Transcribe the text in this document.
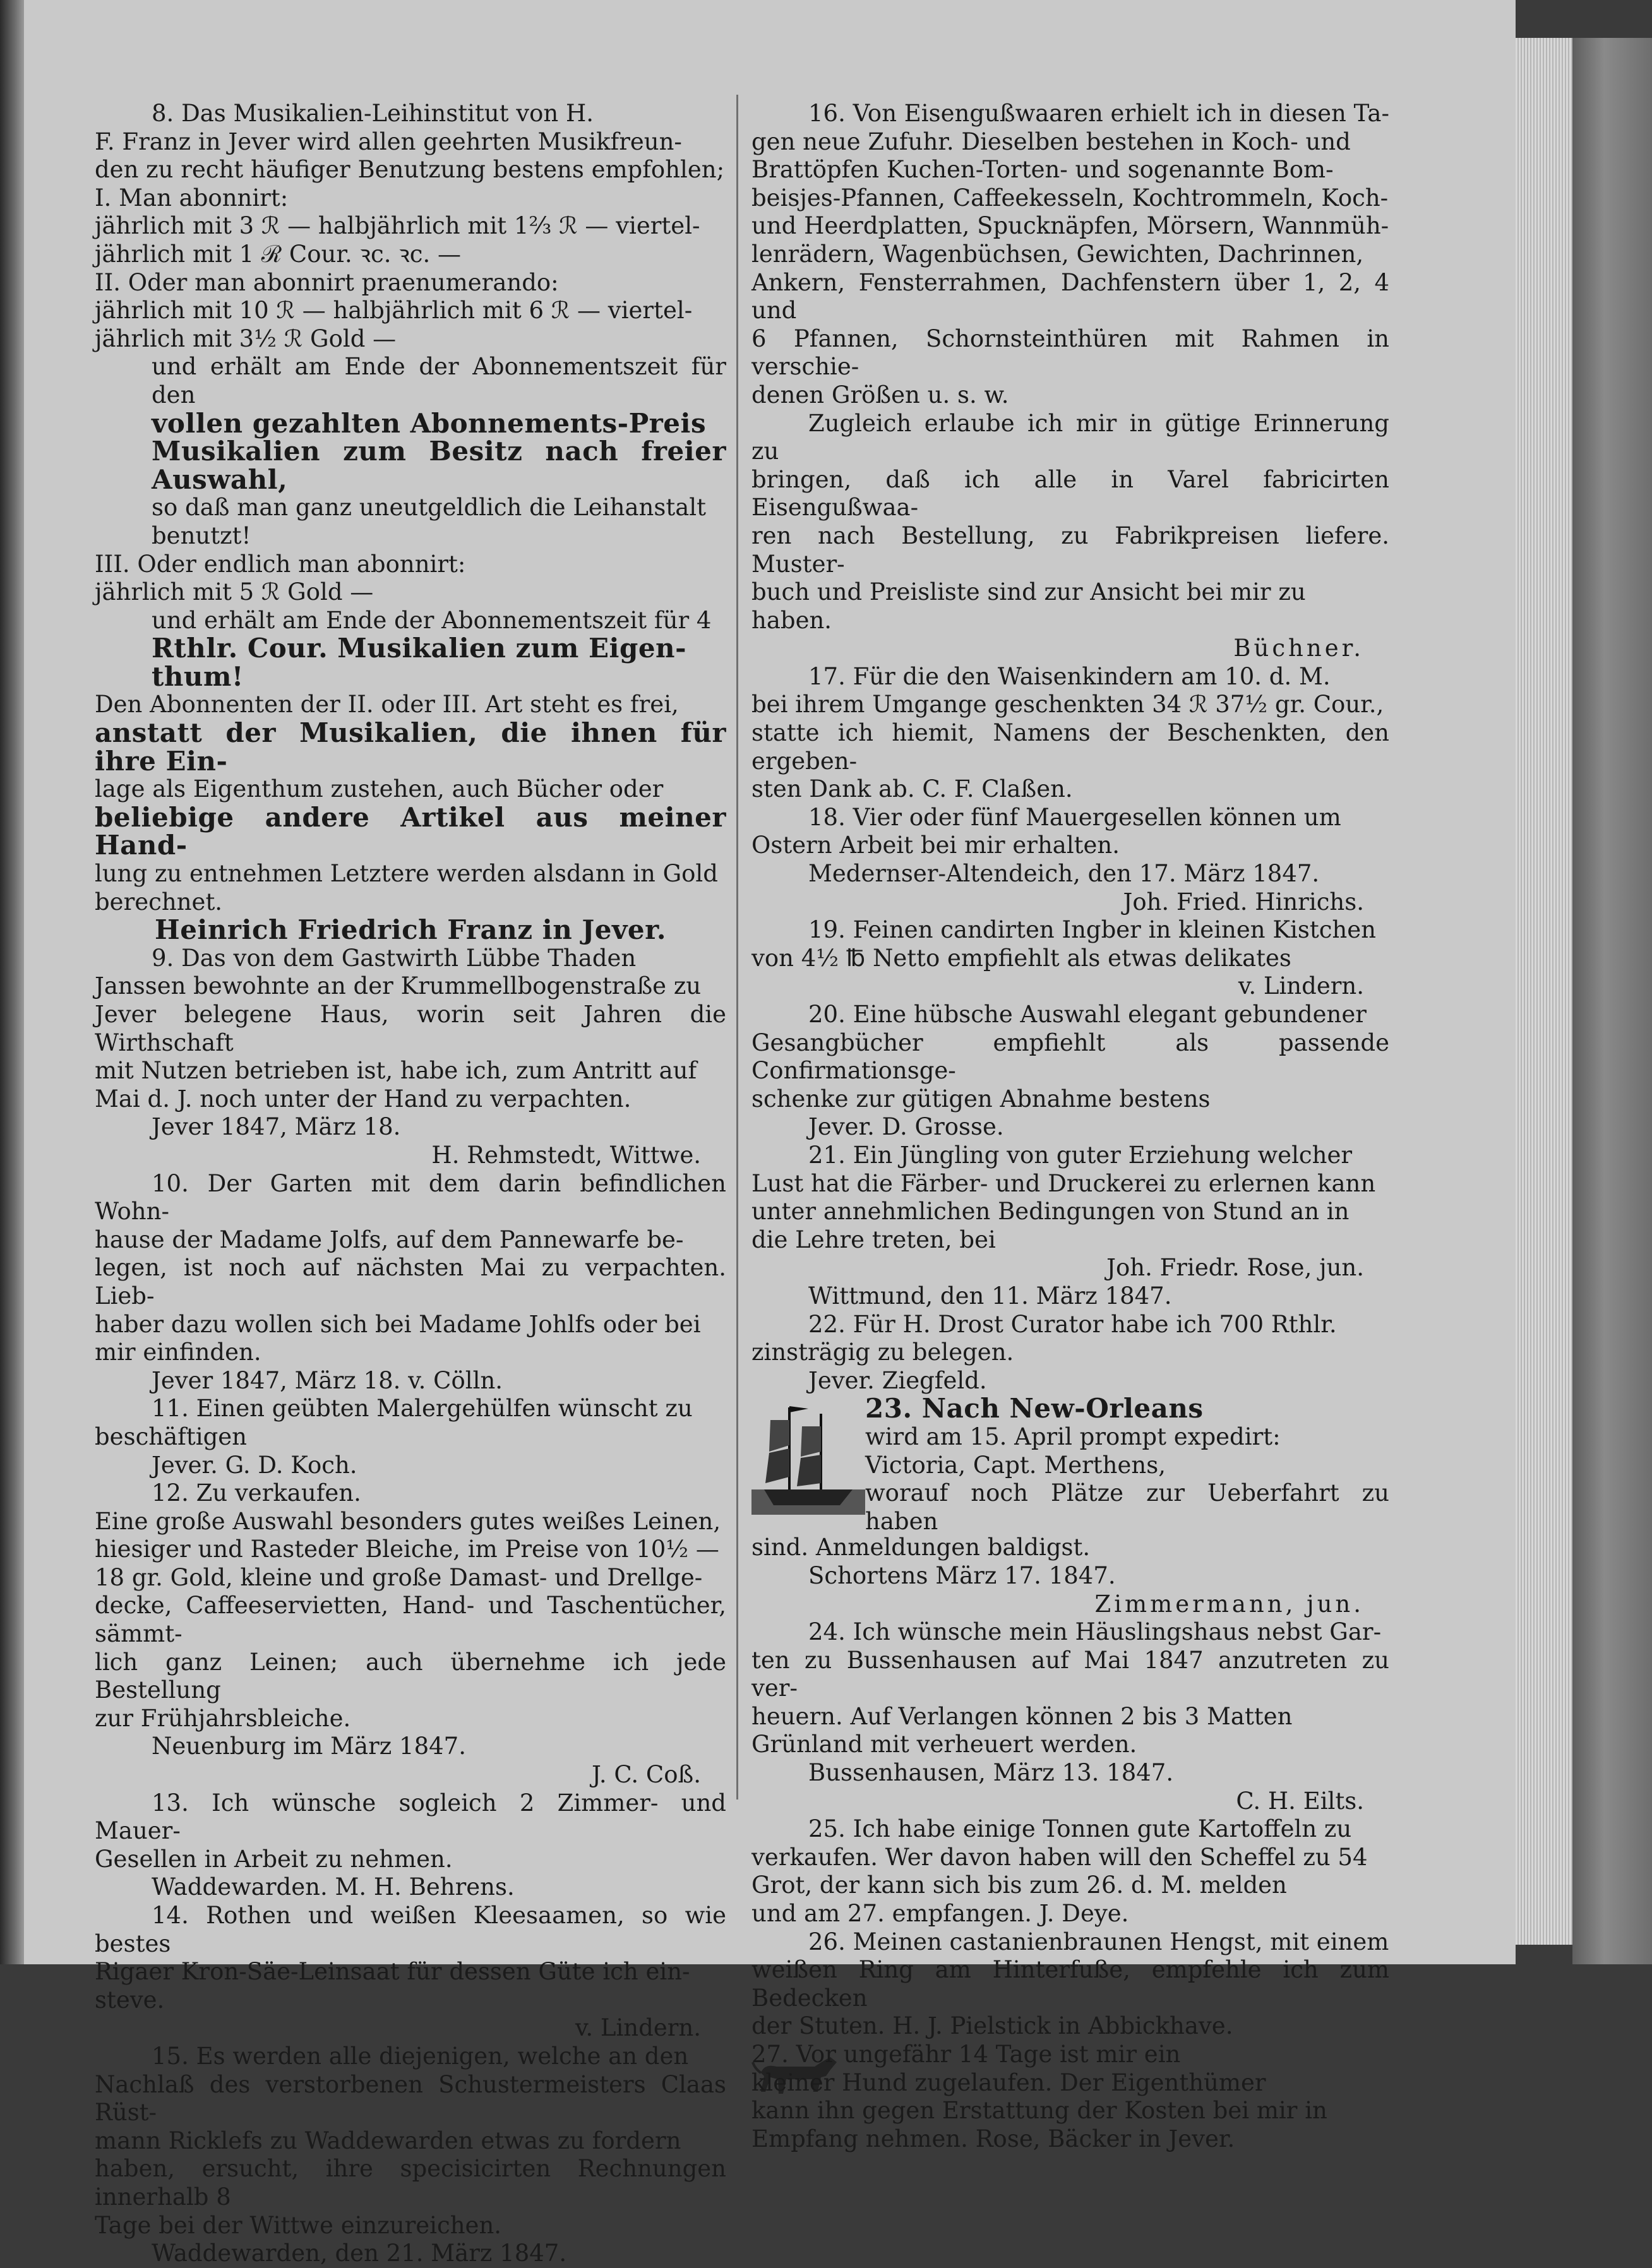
8. Das Musikalien-Leihinstitut von H.

F. Franz in Jever wird allen geehrten Musikfreun-

den zu recht häufiger Benutzung bestens empfohlen;

I. Man abonnirt:

jährlich mit 3 ℛ — halbjährlich mit 1⅔ ℛ — viertel-

jährlich mit 1 ℛ Cour. ꝛc. ꝛc. —

II. Oder man abonnirt praenumerando:

jährlich mit 10 ℛ — halbjährlich mit 6 ℛ — viertel-

jährlich mit 3½ ℛ Gold —

und erhält am Ende der Abonnementszeit für den

vollen gezahlten Abonnements-Preis

Musikalien zum Besitz nach freier Auswahl,

so daß man ganz uneutgeldlich die Leihanstalt

benutzt!

III. Oder endlich man abonnirt:

jährlich mit 5 ℛ Gold —

und erhält am Ende der Abonnementszeit für 4

Rthlr. Cour. Musikalien zum Eigen-

thum!

Den Abonnenten der II. oder III. Art steht es frei,

anstatt der Musikalien, die ihnen für ihre Ein-

lage als Eigenthum zustehen, auch Bücher oder

beliebige andere Artikel aus meiner Hand-

lung zu entnehmen Letztere werden alsdann in Gold

berechnet.

Heinrich Friedrich Franz in Jever.

9. Das von dem Gastwirth Lübbe Thaden

Janssen bewohnte an der Krummellbogenstraße zu

Jever belegene Haus, worin seit Jahren die Wirthschaft

mit Nutzen betrieben ist, habe ich, zum Antritt auf

Mai d. J. noch unter der Hand zu verpachten.

Jever 1847, März 18.

H. Rehmstedt, Wittwe.

10. Der Garten mit dem darin befindlichen Wohn-

hause der Madame Jolfs, auf dem Pannewarfe be-

legen, ist noch auf nächsten Mai zu verpachten. Lieb-

haber dazu wollen sich bei Madame Johlfs oder bei

mir einfinden.

Jever 1847, März 18. v. Cölln.

11. Einen geübten Malergehülfen wünscht zu

beschäftigen

Jever. G. D. Koch.

12. Zu verkaufen.

Eine große Auswahl besonders gutes weißes Leinen,

hiesiger und Rasteder Bleiche, im Preise von 10½ —

18 gr. Gold, kleine und große Damast- und Drellge-

decke, Caffeeservietten, Hand- und Taschentücher, sämmt-

lich ganz Leinen; auch übernehme ich jede Bestellung

zur Frühjahrsbleiche.

Neuenburg im März 1847.

J. C. Coß.

13. Ich wünsche sogleich 2 Zimmer- und Mauer-

Gesellen in Arbeit zu nehmen.

Waddewarden. M. H. Behrens.

14. Rothen und weißen Kleesaamen, so wie bestes

Rigaer Kron-Säe-Leinsaat für dessen Güte ich ein-

steve.

v. Lindern.

15. Es werden alle diejenigen, welche an den

Nachlaß des verstorbenen Schustermeisters Claas Rüst-

mann Ricklefs zu Waddewarden etwas zu fordern

haben, ersucht, ihre specisicirten Rechnungen innerhalb 8

Tage bei der Wittwe einzureichen.

Waddewarden, den 21. März 1847.

16. Von Eisengußwaaren erhielt ich in diesen Ta-

gen neue Zufuhr. Dieselben bestehen in Koch- und

Brattöpfen Kuchen-Torten- und sogenannte Bom-

beisjes-Pfannen, Caffeekesseln, Kochtrommeln, Koch-

und Heerdplatten, Spucknäpfen, Mörsern, Wannmüh-

lenrädern, Wagenbüchsen, Gewichten, Dachrinnen,

Ankern, Fensterrahmen, Dachfenstern über 1, 2, 4 und

6 Pfannen, Schornsteinthüren mit Rahmen in verschie-

denen Größen u. s. w.

Zugleich erlaube ich mir in gütige Erinnerung zu

bringen, daß ich alle in Varel fabricirten Eisengußwaa-

ren nach Bestellung, zu Fabrikpreisen liefere. Muster-

buch und Preisliste sind zur Ansicht bei mir zu

haben.

Büchner.

17. Für die den Waisenkindern am 10. d. M.

bei ihrem Umgange geschenkten 34 ℛ 37½ gr. Cour.,

statte ich hiemit, Namens der Beschenkten, den ergeben-

sten Dank ab. C. F. Claßen.

18. Vier oder fünf Mauergesellen können um

Ostern Arbeit bei mir erhalten.

Medernser-Altendeich, den 17. März 1847.

Joh. Fried. Hinrichs.

19. Feinen candirten Ingber in kleinen Kistchen

von 4½ ℔ Netto empfiehlt als etwas delikates

v. Lindern.

20. Eine hübsche Auswahl elegant gebundener

Gesangbücher empfiehlt als passende Confirmationsge-

schenke zur gütigen Abnahme bestens

Jever. D. Grosse.

21. Ein Jüngling von guter Erziehung welcher

Lust hat die Färber- und Druckerei zu erlernen kann

unter annehmlichen Bedingungen von Stund an in

die Lehre treten, bei

Joh. Friedr. Rose, jun.

Wittmund, den 11. März 1847.

22. Für H. Drost Curator habe ich 700 Rthlr.

zinsträgig zu belegen.

Jever. Ziegfeld.

23. Nach New-Orleans

wird am 15. April prompt expedirt:

Victoria, Capt. Merthens,

worauf noch Plätze zur Ueberfahrt zu haben

sind. Anmeldungen baldigst.

Schortens März 17. 1847.

Zimmermann, jun.

24. Ich wünsche mein Häuslingshaus nebst Gar-

ten zu Bussenhausen auf Mai 1847 anzutreten zu ver-

heuern. Auf Verlangen können 2 bis 3 Matten

Grünland mit verheuert werden.

Bussenhausen, März 13. 1847.

C. H. Eilts.

25. Ich habe einige Tonnen gute Kartoffeln zu

verkaufen. Wer davon haben will den Scheffel zu 54

Grot, der kann sich bis zum 26. d. M. melden

und am 27. empfangen. J. Deye.

26. Meinen castanienbraunen Hengst, mit einem

weißen Ring am Hinterfuße, empfehle ich zum Bedecken

der Stuten. H. J. Pielstick in Abbickhave.

27. Vor ungefähr 14 Tage ist mir ein

kleiner Hund zugelaufen. Der Eigenthümer

kann ihn gegen Erstattung der Kosten bei mir in

Empfang nehmen. Rose, Bäcker in Jever.
